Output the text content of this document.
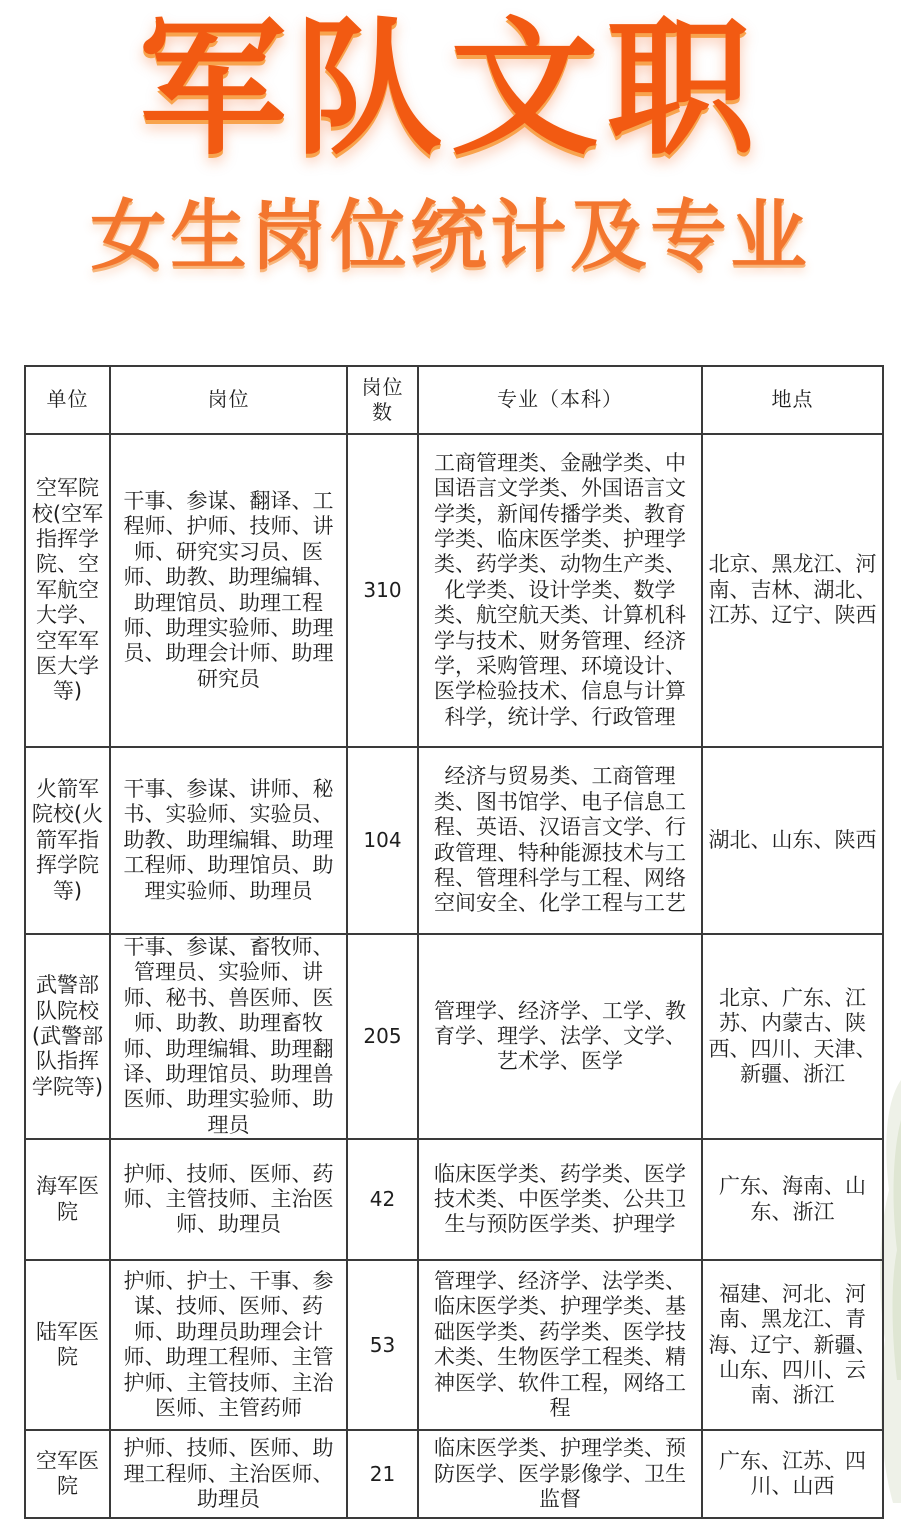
军队文职
女生岗位统计及专业
单位	岗位	岗位数	专业（本科）	地点
空军院校(空军指挥学院、空军航空大学、空军军医大学等)	干事、参谋、翻译、工程师、护师、技师、讲师、研究实习员、医师、助教、助理编辑、助理馆员、助理工程师、助理实验师、助理员、助理会计师、助理研究员	310	工商管理类、金融学类、中国语言文学类、外国语言文学类，新闻传播学类、教育学类、临床医学类、护理学类、药学类、动物生产类、化学类、设计学类、数学类、航空航天类、计算机科学与技术、财务管理、经济学，采购管理、环境设计、医学检验技术、信息与计算科学，统计学、行政管理	北京、黑龙江、河南、吉林、湖北、江苏、辽宁、陕西
火箭军院校(火箭军指挥学院等)	干事、参谋、讲师、秘书、实验师、实验员、助教、助理编辑、助理工程师、助理馆员、助理实验师、助理员	104	经济与贸易类、工商管理类、图书馆学、电子信息工程、英语、汉语言文学、行政管理、特种能源技术与工程、管理科学与工程、网络空间安全、化学工程与工艺	湖北、山东、陕西
武警部队院校(武警部队指挥学院等)	干事、参谋、畜牧师、管理员、实验师、讲师、秘书、兽医师、医师、助教、助理畜牧师、助理编辑、助理翻译、助理馆员、助理兽医师、助理实验师、助理员	205	管理学、经济学、工学、教育学、理学、法学、文学、艺术学、医学	北京、广东、江苏、内蒙古、陕西、四川、天津、新疆、浙江
海军医院	护师、技师、医师、药师、主管技师、主治医师、助理员	42	临床医学类、药学类、医学技术类、中医学类、公共卫生与预防医学类、护理学	广东、海南、山东、浙江
陆军医院	护师、护士、干事、参谋、技师、医师、药师、助理员助理会计师、助理工程师、主管护师、主管技师、主治医师、主管药师	53	管理学、经济学、法学类、临床医学类、护理学类、基础医学类、药学类、医学技术类、生物医学工程类、精神医学、软件工程，网络工程	福建、河北、河南、黑龙江、青海、辽宁、新疆、山东、四川、云南、浙江
空军医院	护师、技师、医师、助理工程师、主治医师、助理员	21	临床医学类、护理学类、预防医学、医学影像学、卫生监督	广东、江苏、四川、山西
